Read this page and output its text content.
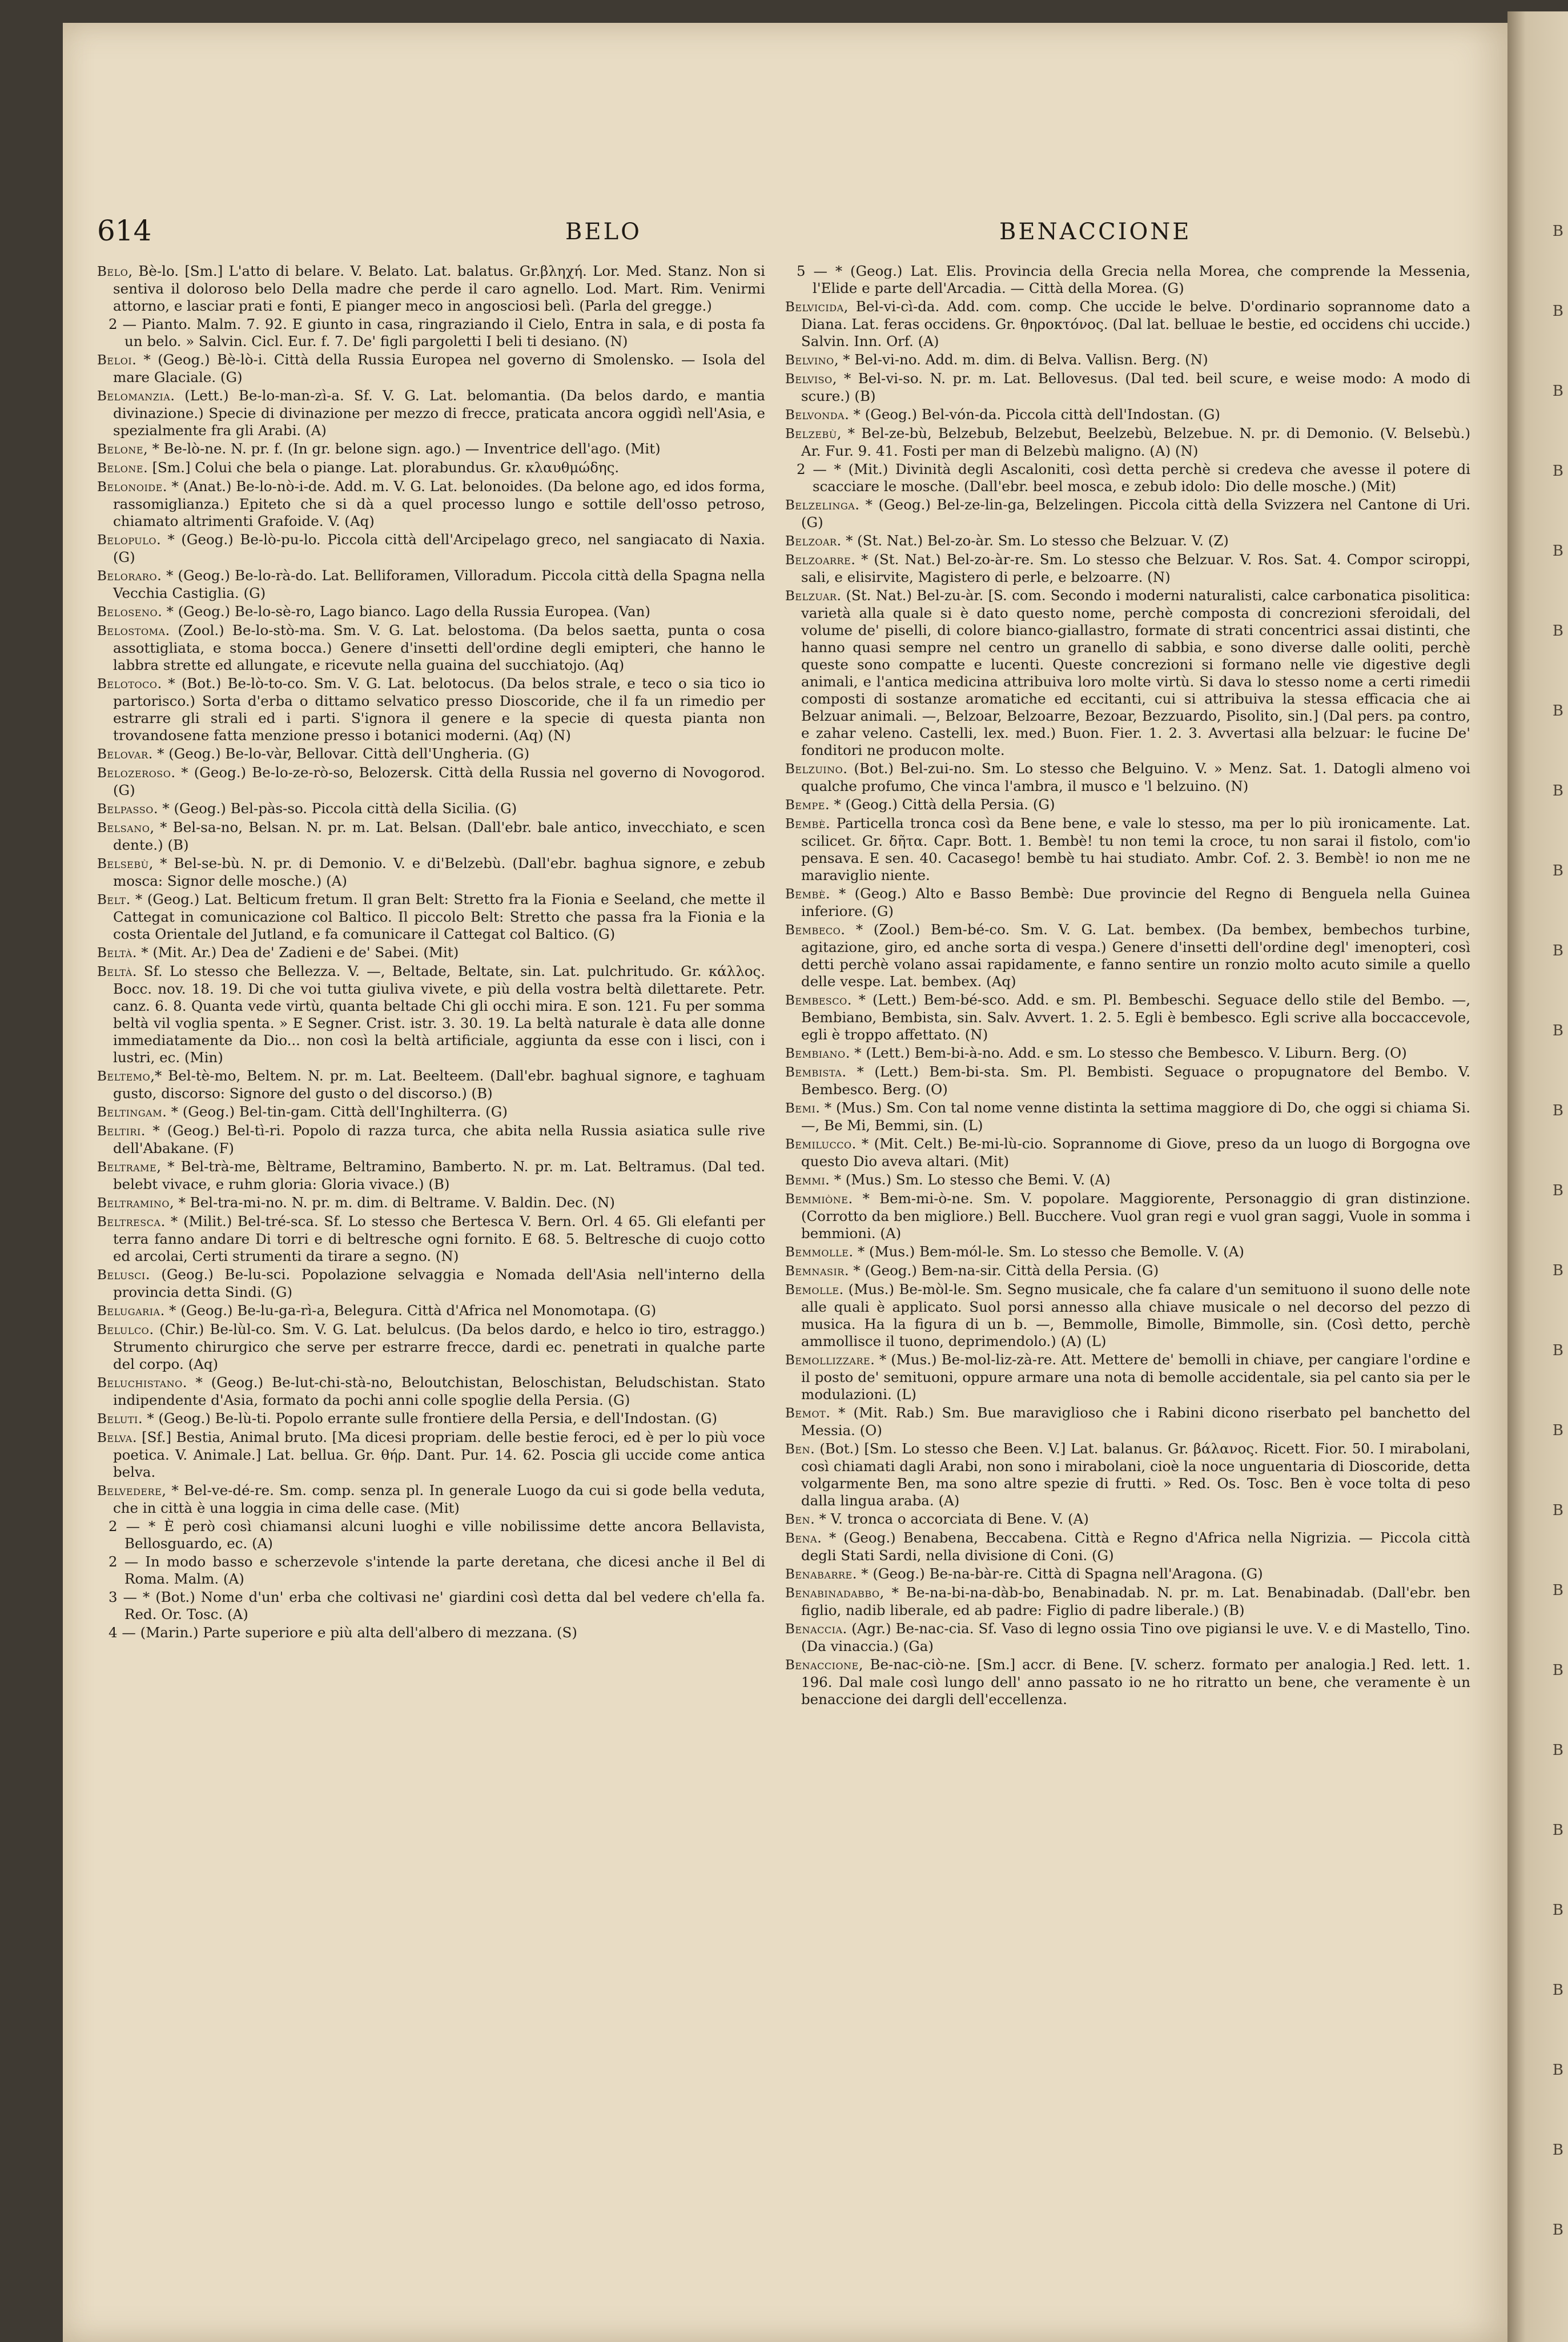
B
B
B
B
B
B
B
B
B
B
B
B
B
B
B
B
B
B
B
B
B
B
B
B
B
B
614	BELO	BENACCIONE

Belo, Bè-lo. [Sm.] L'atto di belare. V. Belato. Lat. balatus. Gr.βληχή. Lor. Med. Stanz. Non si sentiva il doloroso belo Della madre che perde il caro agnello. Lod. Mart. Rim. Venirmi attorno, e lasciar prati e fonti, E pianger meco in angosciosi belì. (Parla del gregge.)

2 — Pianto. Malm. 7. 92. E giunto in casa, ringraziando il Cielo, Entra in sala, e di posta fa un belo. » Salvin. Cicl. Eur. f. 7. De' figli pargoletti I beli ti desiano. (N)

Beloi. * (Geog.) Bè-lò-i. Città della Russia Europea nel governo di Smolensko. — Isola del mare Glaciale. (G)

Belomanzia. (Lett.) Be-lo-man-zì-a. Sf. V. G. Lat. belomantia. (Da belos dardo, e mantia divinazione.) Specie di divinazione per mezzo di frecce, praticata ancora oggidì nell'Asia, e spezialmente fra gli Arabi. (A)

Belone, * Be-lò-ne. N. pr. f. (In gr. belone sign. ago.) — Inventrice dell'ago. (Mit)

Belone. [Sm.] Colui che bela o piange. Lat. plorabundus. Gr. κλαυθμώδης.

Belonoide. * (Anat.) Be-lo-nò-i-de. Add. m. V. G. Lat. belonoides. (Da belone ago, ed idos forma, rassomiglianza.) Epiteto che si dà a quel processo lungo e sottile dell'osso petroso, chiamato altrimenti Grafoide. V. (Aq)

Belopulo. * (Geog.) Be-lò-pu-lo. Piccola città dell'Arcipelago greco, nel sangiacato di Naxia. (G)

Beloraro. * (Geog.) Be-lo-rà-do. Lat. Belliforamen, Villoradum. Piccola città della Spagna nella Vecchia Castiglia. (G)

Beloseno. * (Geog.) Be-lo-sè-ro, Lago bianco. Lago della Russia Europea. (Van)

Belostoma. (Zool.) Be-lo-stò-ma. Sm. V. G. Lat. belostoma. (Da belos saetta, punta o cosa assottigliata, e stoma bocca.) Genere d'insetti dell'ordine degli emipteri, che hanno le labbra strette ed allungate, e ricevute nella guaina del succhiatojo. (Aq)

Belotoco. * (Bot.) Be-lò-to-co. Sm. V. G. Lat. belotocus. (Da belos strale, e teco o sia tico io partorisco.) Sorta d'erba o dittamo selvatico presso Dioscoride, che il fa un rimedio per estrarre gli strali ed i parti. S'ignora il genere e la specie di questa pianta non trovandosene fatta menzione presso i botanici moderni. (Aq) (N)

Belovar. * (Geog.) Be-lo-vàr, Bellovar. Città dell'Ungheria. (G)

Belozeroso. * (Geog.) Be-lo-ze-rò-so, Belozersk. Città della Russia nel governo di Novogorod. (G)

Belpasso. * (Geog.) Bel-pàs-so. Piccola città della Sicilia. (G)

Belsano, * Bel-sa-no, Belsan. N. pr. m. Lat. Belsan. (Dall'ebr. bale antico, invecchiato, e scen dente.) (B)

Belsebù, * Bel-se-bù. N. pr. di Demonio. V. e di'Belzebù. (Dall'ebr. baghua signore, e zebub mosca: Signor delle mosche.) (A)

Belt. * (Geog.) Lat. Belticum fretum. Il gran Belt: Stretto fra la Fionia e Seeland, che mette il Cattegat in comunicazione col Baltico. Il piccolo Belt: Stretto che passa fra la Fionia e la costa Orientale del Jutland, e fa comunicare il Cattegat col Baltico. (G)

Beltà. * (Mit. Ar.) Dea de' Zadieni e de' Sabei. (Mit)

Beltà. Sf. Lo stesso che Bellezza. V. —, Beltade, Beltate, sin. Lat. pulchritudo. Gr. κάλλος. Bocc. nov. 18. 19. Di che voi tutta giuliva vivete, e più della vostra beltà dilettarete. Petr. canz. 6. 8. Quanta vede virtù, quanta beltade Chi gli occhi mira. E son. 121. Fu per somma beltà vil voglia spenta. » E Segner. Crist. istr. 3. 30. 19. La beltà naturale è data alle donne immediatamente da Dio... non così la beltà artificiale, aggiunta da esse con i lisci, con i lustri, ec. (Min)

Beltemo,* Bel-tè-mo, Beltem. N. pr. m. Lat. Beelteem. (Dall'ebr. baghual signore, e taghuam gusto, discorso: Signore del gusto o del discorso.) (B)

Beltingam. * (Geog.) Bel-tin-gam. Città dell'Inghilterra. (G)

Beltiri. * (Geog.) Bel-tì-ri. Popolo di razza turca, che abita nella Russia asiatica sulle rive dell'Abakane. (F)

Beltrame, * Bel-trà-me, Bèltrame, Beltramino, Bamberto. N. pr. m. Lat. Beltramus. (Dal ted. belebt vivace, e ruhm gloria: Gloria vivace.) (B)

Beltramino, * Bel-tra-mi-no. N. pr. m. dim. di Beltrame. V. Baldin. Dec. (N)

Beltresca. * (Milit.) Bel-tré-sca. Sf. Lo stesso che Bertesca V. Bern. Orl. 4 65. Gli elefanti per terra fanno andare Di torri e di beltresche ogni fornito. E 68. 5. Beltresche di cuojo cotto ed arcolai, Certi strumenti da tirare a segno. (N)

Belusci. (Geog.) Be-lu-sci. Popolazione selvaggia e Nomada dell'Asia nell'interno della provincia detta Sindi. (G)

Belugaria. * (Geog.) Be-lu-ga-rì-a, Belegura. Città d'Africa nel Monomotapa. (G)

Belulco. (Chir.) Be-lùl-co. Sm. V. G. Lat. belulcus. (Da belos dardo, e helco io tiro, estraggo.) Strumento chirurgico che serve per estrarre frecce, dardi ec. penetrati in qualche parte del corpo. (Aq)

Beluchistano. * (Geog.) Be-lut-chi-stà-no, Beloutchistan, Beloschistan, Beludschistan. Stato indipendente d'Asia, formato da pochi anni colle spoglie della Persia. (G)

Beluti. * (Geog.) Be-lù-ti. Popolo errante sulle frontiere della Persia, e dell'Indostan. (G)

Belva. [Sf.] Bestia, Animal bruto. [Ma dicesi propriam. delle bestie feroci, ed è per lo più voce poetica. V. Animale.] Lat. bellua. Gr. θήρ. Dant. Pur. 14. 62. Poscia gli uccide come antica belva.

Belvedere, * Bel-ve-dé-re. Sm. comp. senza pl. In generale Luogo da cui si gode bella veduta, che in città è una loggia in cima delle case. (Mit)

2 — * È però così chiamansi alcuni luoghi e ville nobilissime dette ancora Bellavista, Bellosguardo, ec. (A)

2 — In modo basso e scherzevole s'intende la parte deretana, che dicesi anche il Bel di Roma. Malm. (A)

3 — * (Bot.) Nome d'un' erba che coltivasi ne' giardini così detta dal bel vedere ch'ella fa. Red. Or. Tosc. (A)

4 — (Marin.) Parte superiore e più alta dell'albero di mezzana. (S)

5 — * (Geog.) Lat. Elis. Provincia della Grecia nella Morea, che comprende la Messenia, l'Elide e parte dell'Arcadia. — Città della Morea. (G)

Belvicida, Bel-vi-cì-da. Add. com. comp. Che uccide le belve. D'ordinario soprannome dato a Diana. Lat. feras occidens. Gr. θηροκτόνος. (Dal lat. belluae le bestie, ed occidens chi uccide.) Salvin. Inn. Orf. (A)

Belvino, * Bel-vi-no. Add. m. dim. di Belva. Vallisn. Berg. (N)

Belviso, * Bel-vi-so. N. pr. m. Lat. Bellovesus. (Dal ted. beil scure, e weise modo: A modo di scure.) (B)

Belvonda. * (Geog.) Bel-vón-da. Piccola città dell'Indostan. (G)

Belzebù, * Bel-ze-bù, Belzebub, Belzebut, Beelzebù, Belzebue. N. pr. di Demonio. (V. Belsebù.) Ar. Fur. 9. 41. Fosti per man di Belzebù maligno. (A) (N)

2 — * (Mit.) Divinità degli Ascaloniti, così detta perchè si credeva che avesse il potere di scacciare le mosche. (Dall'ebr. beel mosca, e zebub idolo: Dio delle mosche.) (Mit)

Belzelinga. * (Geog.) Bel-ze-lin-ga, Belzelingen. Piccola città della Svizzera nel Cantone di Uri. (G)

Belzoar. * (St. Nat.) Bel-zo-àr. Sm. Lo stesso che Belzuar. V. (Z)

Belzoarre. * (St. Nat.) Bel-zo-àr-re. Sm. Lo stesso che Belzuar. V. Ros. Sat. 4. Compor sciroppi, sali, e elisirvite, Magistero di perle, e belzoarre. (N)

Belzuar. (St. Nat.) Bel-zu-àr. [S. com. Secondo i moderni naturalisti, calce carbonatica pisolitica: varietà alla quale si è dato questo nome, perchè composta di concrezioni sferoidali, del volume de' piselli, di colore bianco-giallastro, formate di strati concentrici assai distinti, che hanno quasi sempre nel centro un granello di sabbia, e sono diverse dalle ooliti, perchè queste sono compatte e lucenti. Queste concrezioni si formano nelle vie digestive degli animali, e l'antica medicina attribuiva loro molte virtù. Si dava lo stesso nome a certi rimedii composti di sostanze aromatiche ed eccitanti, cui si attribuiva la stessa efficacia che ai Belzuar animali. —, Belzoar, Belzoarre, Bezoar, Bezzuardo, Pisolito, sin.] (Dal pers. pa contro, e zahar veleno. Castelli, lex. med.) Buon. Fier. 1. 2. 3. Avvertasi alla belzuar: le fucine De' fonditori ne producon molte.

Belzuino. (Bot.) Bel-zui-no. Sm. Lo stesso che Belguino. V. » Menz. Sat. 1. Datogli almeno voi qualche profumo, Che vinca l'ambra, il musco e 'l belzuino. (N)

Bempe. * (Geog.) Città della Persia. (G)

Bembè. Particella tronca così da Bene bene, e vale lo stesso, ma per lo più ironicamente. Lat. scilicet. Gr. δῆτα. Capr. Bott. 1. Bembè! tu non temi la croce, tu non sarai il fistolo, com'io pensava. E sen. 40. Cacasego! bembè tu hai studiato. Ambr. Cof. 2. 3. Bembè! io non me ne maraviglio niente.

Bembè. * (Geog.) Alto e Basso Bembè: Due provincie del Regno di Benguela nella Guinea inferiore. (G)

Bembeco. * (Zool.) Bem-bé-co. Sm. V. G. Lat. bembex. (Da bembex, bembechos turbine, agitazione, giro, ed anche sorta di vespa.) Genere d'insetti dell'ordine degl' imenopteri, così detti perchè volano assai rapidamente, e fanno sentire un ronzio molto acuto simile a quello delle vespe. Lat. bembex. (Aq)

Bembesco. * (Lett.) Bem-bé-sco. Add. e sm. Pl. Bembeschi. Seguace dello stile del Bembo. —, Bembiano, Bembista, sin. Salv. Avvert. 1. 2. 5. Egli è bembesco. Egli scrive alla boccaccevole, egli è troppo affettato. (N)

Bembiano. * (Lett.) Bem-bi-à-no. Add. e sm. Lo stesso che Bembesco. V. Liburn. Berg. (O)

Bembista. * (Lett.) Bem-bi-sta. Sm. Pl. Bembisti. Seguace o propugnatore del Bembo. V. Bembesco. Berg. (O)

Bemi. * (Mus.) Sm. Con tal nome venne distinta la settima maggiore di Do, che oggi si chiama Si. —, Be Mi, Bemmi, sin. (L)

Bemilucco. * (Mit. Celt.) Be-mi-lù-cio. Soprannome di Giove, preso da un luogo di Borgogna ove questo Dio aveva altari. (Mit)

Bemmi. * (Mus.) Sm. Lo stesso che Bemi. V. (A)

Bemmiòne. * Bem-mi-ò-ne. Sm. V. popolare. Maggiorente, Personaggio di gran distinzione. (Corrotto da ben migliore.) Bell. Bucchere. Vuol gran regi e vuol gran saggi, Vuole in somma i bemmioni. (A)

Bemmolle. * (Mus.) Bem-mól-le. Sm. Lo stesso che Bemolle. V. (A)

Bemnasir. * (Geog.) Bem-na-sir. Città della Persia. (G)

Bemolle. (Mus.) Be-mòl-le. Sm. Segno musicale, che fa calare d'un semituono il suono delle note alle quali è applicato. Suol porsi annesso alla chiave musicale o nel decorso del pezzo di musica. Ha la figura di un b. —, Bemmolle, Bimolle, Bimmolle, sin. (Così detto, perchè ammollisce il tuono, deprimendolo.) (A) (L)

Bemollizzare. * (Mus.) Be-mol-liz-zà-re. Att. Mettere de' bemolli in chiave, per cangiare l'ordine e il posto de' semituoni, oppure armare una nota di bemolle accidentale, sia pel canto sia per le modulazioni. (L)

Bemot. * (Mit. Rab.) Sm. Bue maraviglioso che i Rabini dicono riserbato pel banchetto del Messia. (O)

Ben. (Bot.) [Sm. Lo stesso che Been. V.] Lat. balanus. Gr. βάλανος. Ricett. Fior. 50. I mirabolani, così chiamati dagli Arabi, non sono i mirabolani, cioè la noce unguentaria di Dioscoride, detta volgarmente Ben, ma sono altre spezie di frutti. » Red. Os. Tosc. Ben è voce tolta di peso dalla lingua araba. (A)

Ben. * V. tronca o accorciata di Bene. V. (A)

Bena. * (Geog.) Benabena, Beccabena. Città e Regno d'Africa nella Nigrizia. — Piccola città degli Stati Sardi, nella divisione di Coni. (G)

Benabarre. * (Geog.) Be-na-bàr-re. Città di Spagna nell'Aragona. (G)

Benabinadabbo, * Be-na-bi-na-dàb-bo, Benabinadab. N. pr. m. Lat. Benabinadab. (Dall'ebr. ben figlio, nadib liberale, ed ab padre: Figlio di padre liberale.) (B)

Benaccia. (Agr.) Be-nac-cia. Sf. Vaso di legno ossia Tino ove pigiansi le uve. V. e di Mastello, Tino. (Da vinaccia.) (Ga)

Benaccione, Be-nac-ciò-ne. [Sm.] accr. di Bene. [V. scherz. formato per analogia.] Red. lett. 1. 196. Dal male così lungo dell' anno passato io ne ho ritratto un bene, che veramente è un benaccione dei dargli dell'eccellenza.
